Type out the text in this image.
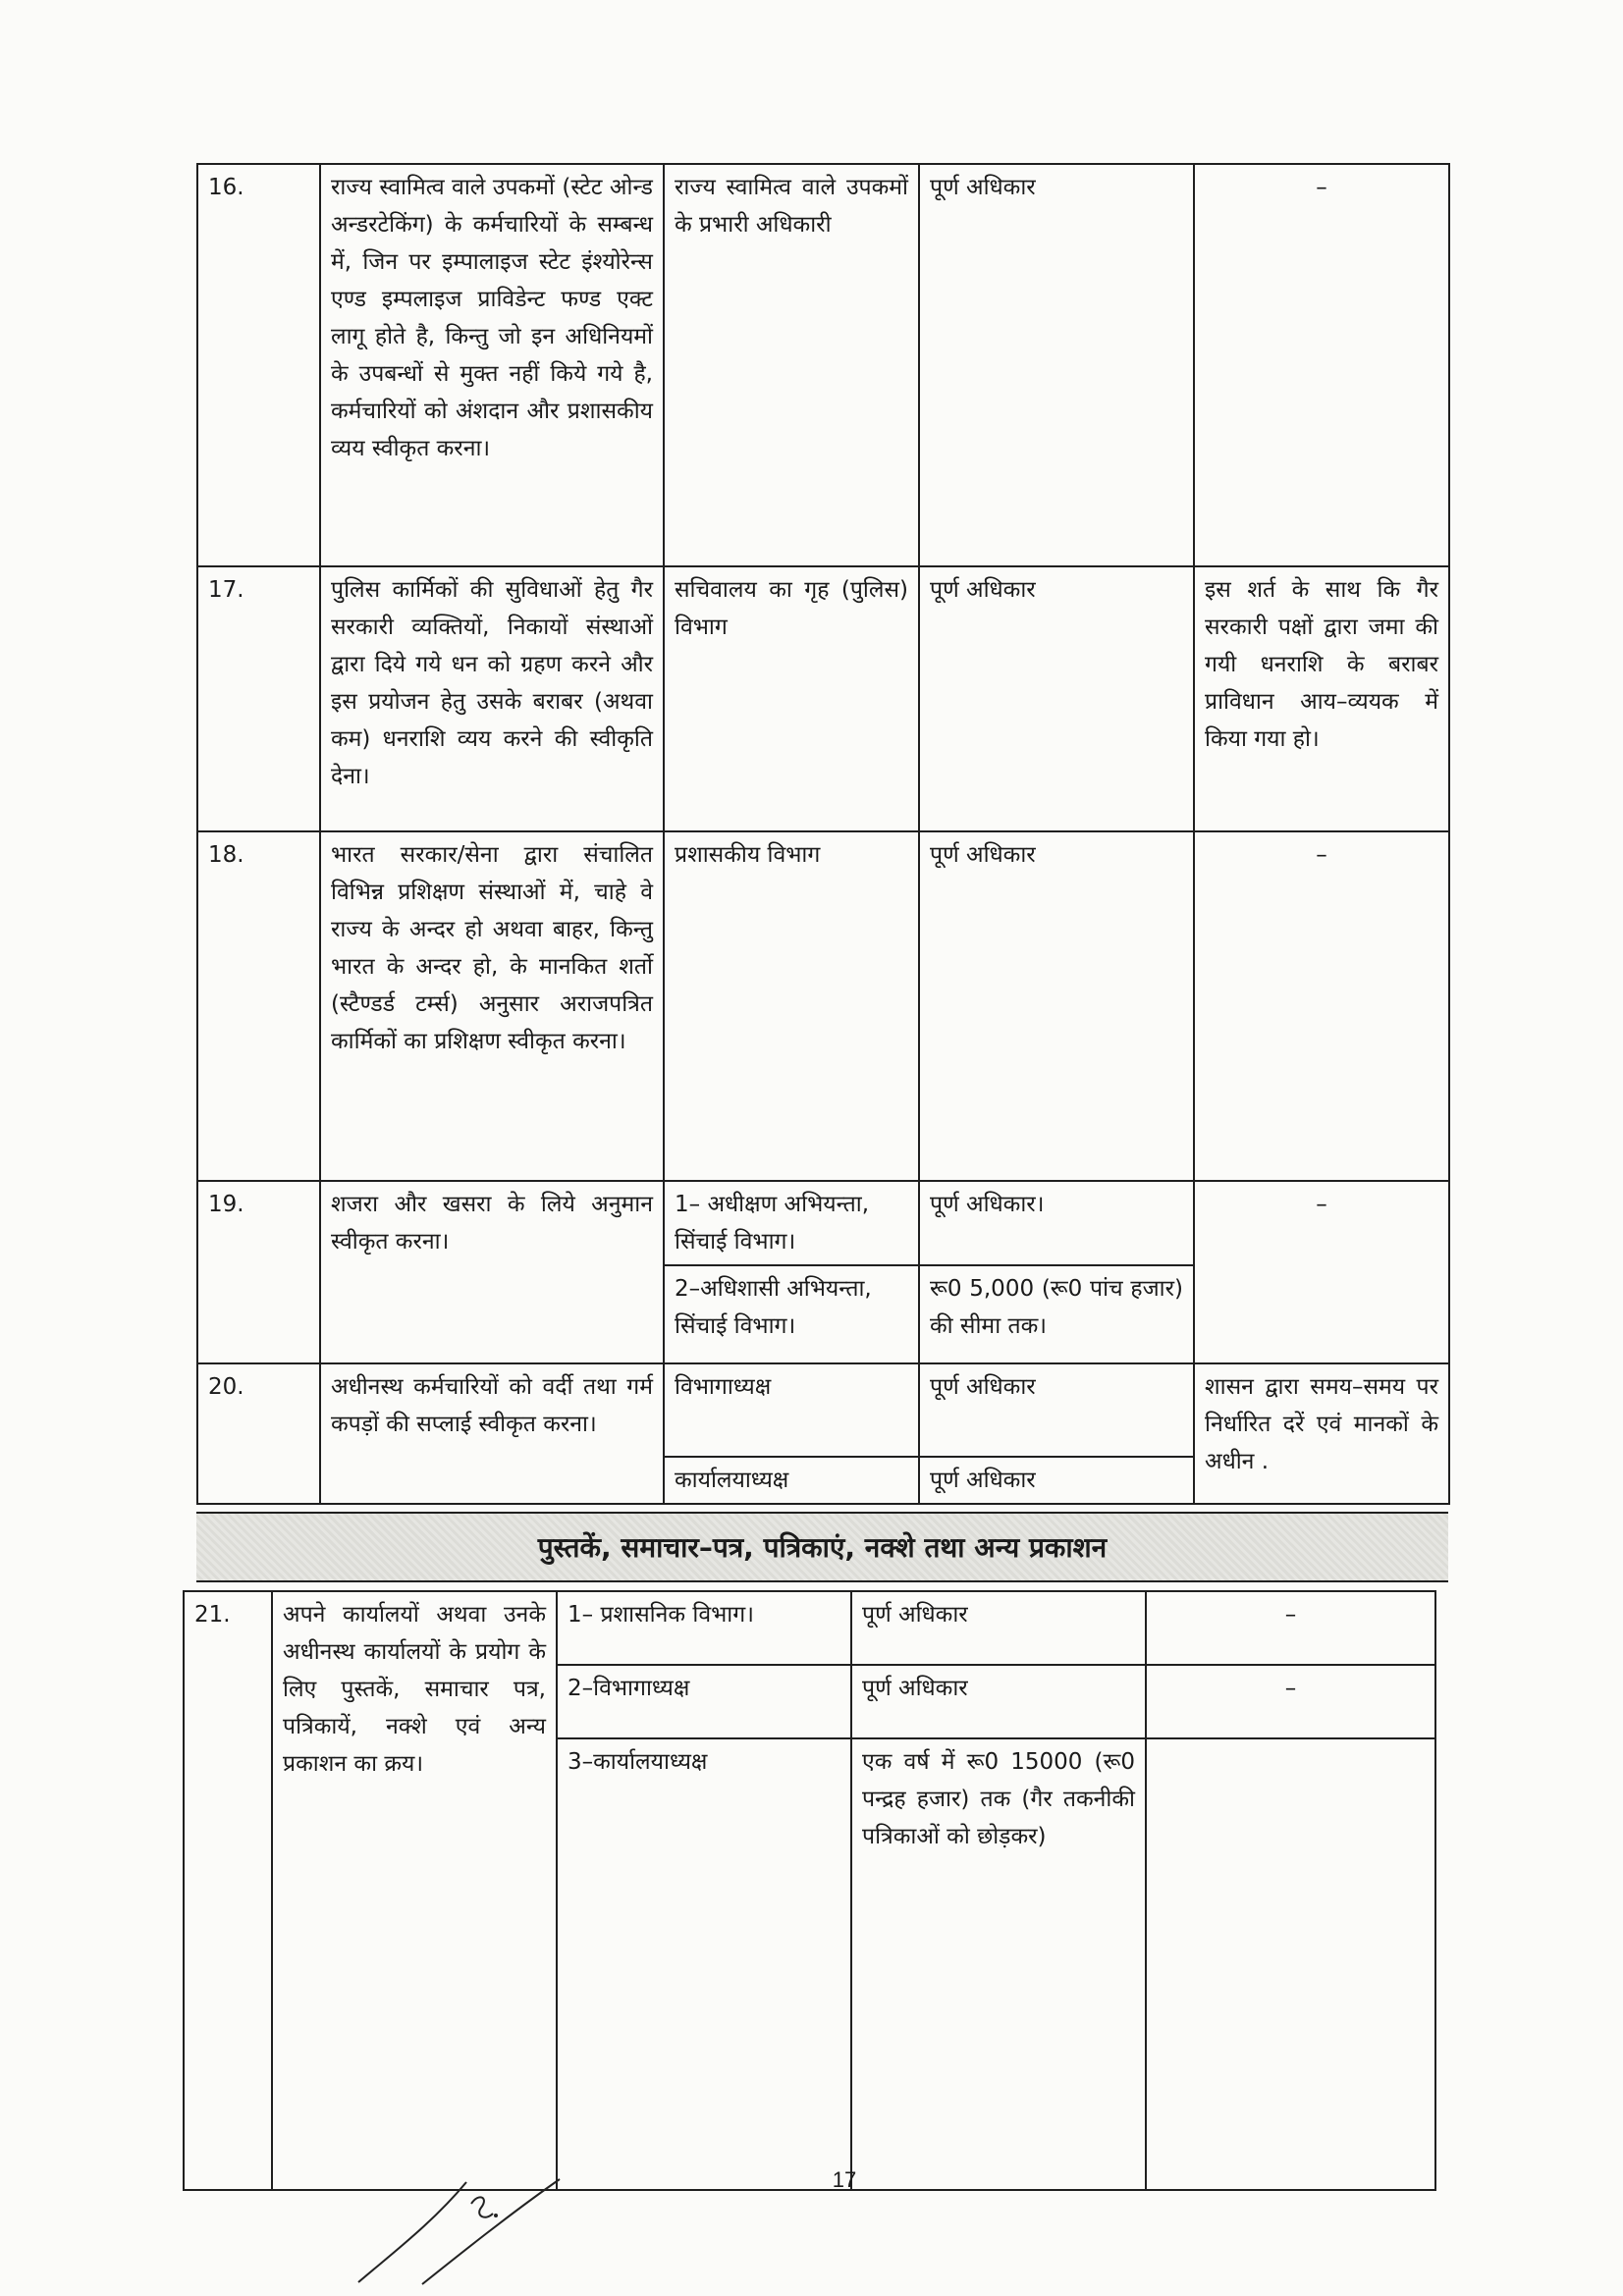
16.	राज्य स्वामित्व वाले उपकमों (स्टेट ओन्ड अन्डरटेकिंग) के कर्मचारियों के सम्बन्ध में, जिन पर इम्पालाइज स्टेट इंश्योरेन्स एण्ड इम्पलाइज प्राविडेन्ट फण्ड एक्ट लागू होते है, किन्तु जो इन अधिनियमों के उपबन्धों से मुक्त नहीं किये गये है, कर्मचारियों को अंशदान और प्रशासकीय व्यय स्वीकृत करना।	राज्य स्वामित्व वाले उपकमों के प्रभारी अधिकारी	पूर्ण अधिकार	–
17.	पुलिस कार्मिकों की सुविधाओं हेतु गैर सरकारी व्यक्तियों, निकायों संस्थाओं द्वारा दिये गये धन को ग्रहण करने और इस प्रयोजन हेतु उसके बराबर (अथवा कम) धनराशि व्यय करने की स्वीकृति देना।	सचिवालय का गृह (पुलिस) विभाग	पूर्ण अधिकार	इस शर्त के साथ कि गैर सरकारी पक्षों द्वारा जमा की गयी धनराशि के बराबर प्राविधान आय–व्ययक में किया गया हो।
18.	भारत सरकार/सेना द्वारा संचालित विभिन्न प्रशिक्षण संस्थाओं में, चाहे वे राज्य के अन्दर हो अथवा बाहर, किन्तु भारत के अन्दर हो, के मानकित शर्तो (स्टैण्डर्ड टर्म्स) अनुसार अराजपत्रित कार्मिकों का प्रशिक्षण स्वीकृत करना।	प्रशासकीय विभाग	पूर्ण अधिकार	–
19.	शजरा और खसरा के लिये अनुमान स्वीकृत करना।	1– अधीक्षण अभियन्ता, सिंचाई विभाग।	पूर्ण अधिकार।	–
		2–अधिशासी अभियन्ता, सिंचाई विभाग।	रू0 5,000 (रू0 पांच हजार) की सीमा तक।	
20.	अधीनस्थ कर्मचारियों को वर्दी तथा गर्म कपड़ों की सप्लाई स्वीकृत करना।	विभागाध्यक्ष	पूर्ण अधिकार	शासन द्वारा समय–समय पर निर्धारित दरें एवं मानकों के अधीन .
		कार्यालयाध्यक्ष	पूर्ण अधिकार	
पुस्तकें, समाचार–पत्र, पत्रिकाएं, नक्शे तथा अन्य प्रकाशन
21.	अपने कार्यालयों अथवा उनके अधीनस्थ कार्यालयों के प्रयोग के लिए पुस्तकें, समाचार पत्र, पत्रिकायें, नक्शे एवं अन्य प्रकाशन का क्रय।	1– प्रशासनिक विभाग।	पूर्ण अधिकार	–
		2–विभागाध्यक्ष	पूर्ण अधिकार	–
		3–कार्यालयाध्यक्ष	एक वर्ष में रू0 15000 (रू0 पन्द्रह हजार) तक (गैर तकनीकी पत्रिकाओं को छोड़कर)	
17
